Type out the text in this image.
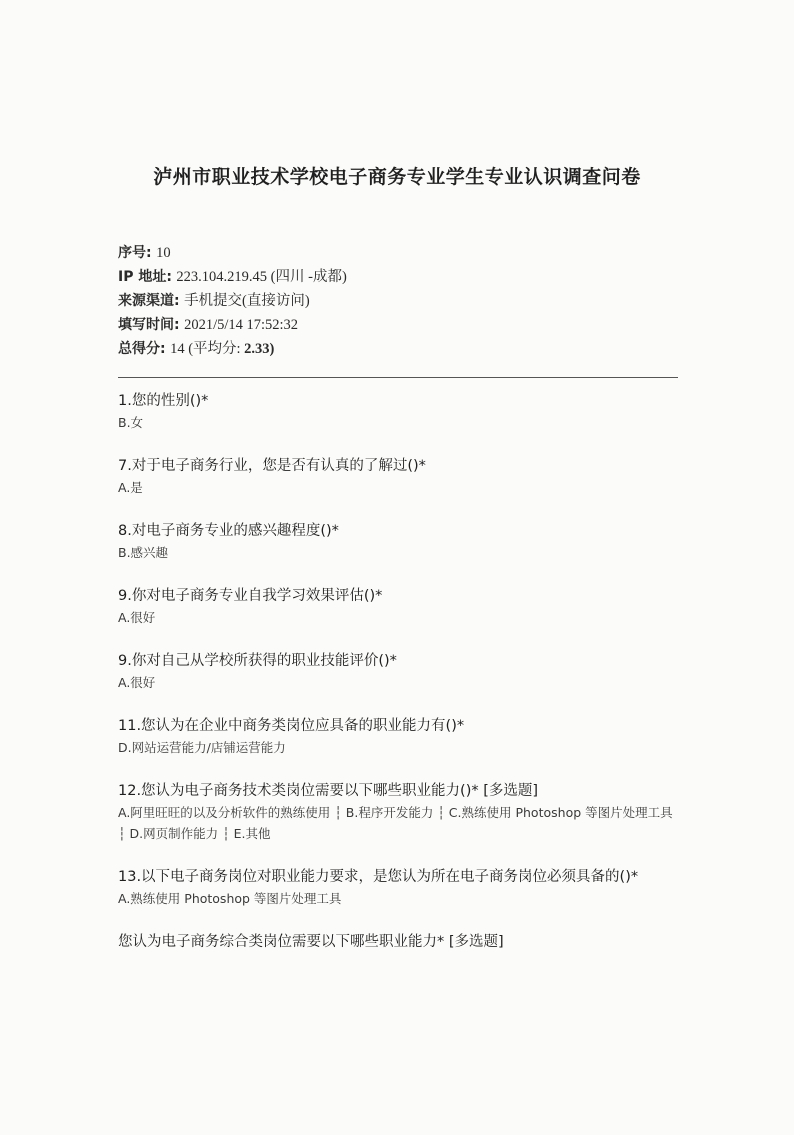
泸州市职业技术学校电子商务专业学生专业认识调查问卷
序号: 10
IP 地址: 223.104.219.45 (四川 -成都)
来源渠道: 手机提交(直接访问)
填写时间: 2021/5/14 17:52:32
总得分: 14 (平均分: 2.33)
1.您的性别()*
B.女
7.对于电子商务行业，您是否有认真的了解过()*
A.是
8.对电子商务专业的感兴趣程度()*
B.感兴趣
9.你对电子商务专业自我学习效果评估()*
A.很好
9.你对自己从学校所获得的职业技能评价()*
A.很好
11.您认为在企业中商务类岗位应具备的职业能力有()*
D.网站运营能力/店铺运营能力
12.您认为电子商务技术类岗位需要以下哪些职业能力()* [多选题]
A.阿里旺旺的以及分析软件的熟练使用 ┆ B.程序开发能力 ┆ C.熟练使用 Photoshop 等图片处理工具 ┆ D.网页制作能力 ┆ E.其他
13.以下电子商务岗位对职业能力要求，是您认为所在电子商务岗位必须具备的()*
A.熟练使用 Photoshop 等图片处理工具
您认为电子商务综合类岗位需要以下哪些职业能力* [多选题]
